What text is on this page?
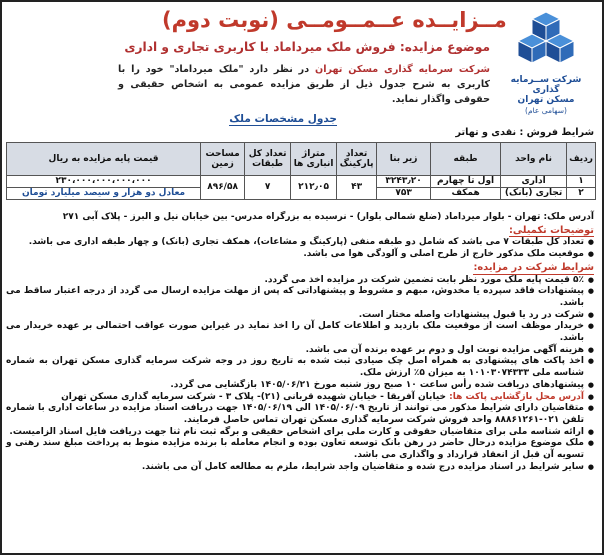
شرکت ســرمایه گذاری
مسکن تهران
(سهامی عام)
مــزایــده عــمــومــی (نوبت دوم)
موضوع مزایده: فروش ملک میرداماد با کاربری تجاری و اداری
شرکت سرمایه گذاری مسکن تهران در نظر دارد "ملک میرداماد" خود را با کاربری به شرح جدول ذیل از طریق مزایده عمومی به اشخاص حقیقی و حقوقی واگذار نماید.
جدول مشخصات ملک
شرایط فروش : نقدی و تهاتر
ردیف	نام واحد	طبقه	زیر بنا	تعداد پارکینگ	متراژ انباری ها	تعداد کل طبقات	مساحت زمین	قیمت پایه مزایده به ریال
۱	اداری	اول تا چهارم	۳۲۴۳٫۲۰	۴۳	۲۱۲٫۰۵	۷	۸۹۶/۵۸	۲۳۰،۰۰۰،۰۰۰،۰۰۰،۰۰۰
۲	تجاری (بانک)	همکف	۷۵۳					معادل دو هزار و سیصد میلیارد تومان
آدرس ملک: تهران - بلوار میرداماد (ضلع شمالی بلوار) - نرسیده به بزرگراه مدرس- بین خیابان نیل و البرز - پلاک آبی ۲۷۱
توضیحات تکمیلی:
● تعداد کل طبقات ۷ می باشد که شامل دو طبقه منفی (پارکینگ و مشاعات)، همکف تجاری (بانک) و چهار طبقه اداری می باشد.
● موقعیت ملک مذکور خارج از طرح اصلی و آلودگی هوا می باشد.
شرایط شرکت در مزایده:
● ۵٪ قیمت پایه ملک مورد نظر بابت تضمین شرکت در مزایده اخذ می گردد.
● پیشنهادات فاقد سپرده یا مخدوش، مبهم و مشروط و پیشنهاداتی که پس از مهلت مزایده ارسال می گردد از درجه اعتبار ساقط می باشد.
● شرکت در رد یا قبول پیشنهادات واصله مختار است.
● خریدار موظف است از موقعیت ملک بازدید و اطلاعات کامل آن را اخذ نماید در غیراین صورت عواقب احتمالی بر عهده خریدار می باشد.
● هزینه آگهی مزایده نوبت اول و دوم بر عهده برنده آن می باشد.
● اخذ پاکت های پیشنهادی به همراه اصل چک صیادی ثبت شده به تاریخ روز در وجه شرکت سرمایه گذاری مسکن تهران به شماره شناسه ملی ۱۰۱۰۳۰۷۴۳۳۳ به میزان ۵٪ ارزش ملک.
● پیشنهادهای دریافت شده رأس ساعت ۱۰ صبح روز شنبه مورخ ۱۴۰۵/۰۶/۲۱ بازگشایی می گردد.
● آدرس محل بازگشایی پاکت ها: خیابان آفریقا - خیابان شهیده قربانی (۲۱)- پلاک ۳ - شرکت سرمایه گذاری مسکن تهران
● متقاضیان دارای شرایط مذکور می توانند از تاریخ ۱۴۰۵/۰۶/۰۹ الی ۱۴۰۵/۰۶/۱۹ جهت دریافت اسناد مزایده در ساعات اداری با شماره تلفن ۰۲۱-۸۸۸۶۱۲۶۱ واحد فروش شرکت سرمایه گذاری مسکن تهران تماس حاصل فرمایند.
● ارائه شناسه ملی برای متقاضیان حقوقی و کارت ملی برای اشخاص حقیقی و برگه ثبت نام ثنا جهت دریافت فایل اسناد الزامیست.
● ملک موضوع مزایده درحال حاضر در رهن بانک توسعه تعاون بوده و انجام معامله با برنده مزایده منوط به پرداخت مبلغ سند رهنی و تسویه آن قبل از انعقاد قرارداد و واگذاری می باشد.
● سایر شرایط در اسناد مزایده درج شده و متقاضیان واجد شرایط، ملزم به مطالعه کامل آن می باشند.
